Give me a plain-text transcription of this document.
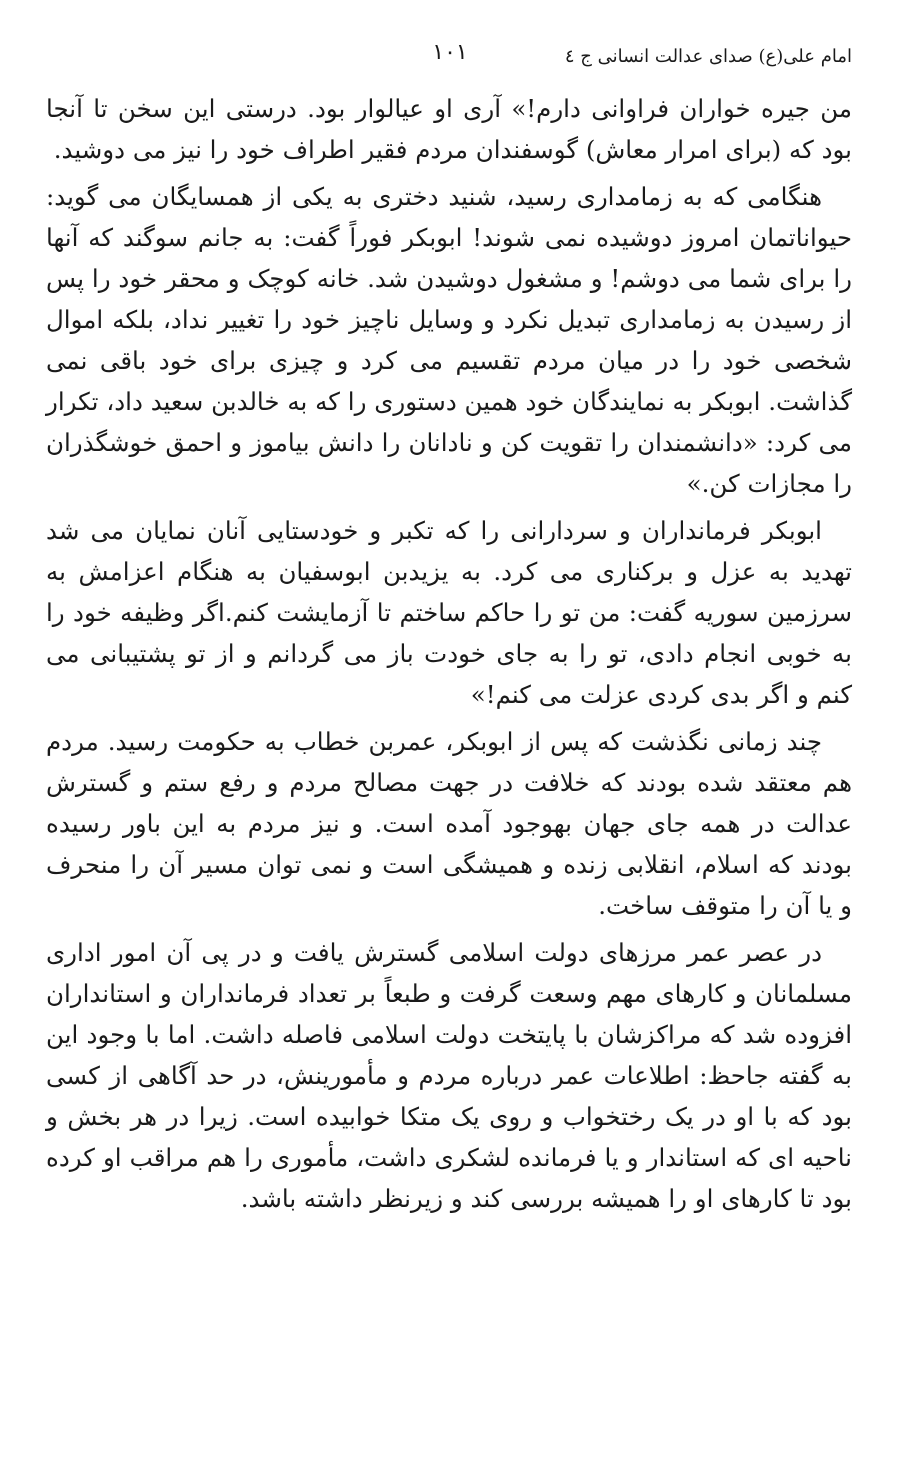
امام علی(ع) صدای عدالت انسانی ج ٤
١٠١

من جیره خواران فراوانی دارم!» آری او عیالوار بود. درستی این سخن تا آنجا بود که (برای امرار معاش) گوسفندان مردم فقیر اطراف خود را نیز می دوشید.

هنگامی که به زمامداری رسید، شنید دختری به یکی از همسایگان می گوید: حیواناتمان امروز دوشیده نمی شوند! ابوبکر فوراً گفت: به جانم سوگند که آنها را برای شما می دوشم! و مشغول دوشیدن شد. خانه کوچک و محقر خود را پس از رسیدن به زمامداری تبدیل نکرد و وسایل ناچیز خود را تغییر نداد، بلکه اموال شخصی خود را در میان مردم تقسیم می کرد و چیزی برای خود باقی نمی گذاشت. ابوبکر به نمایندگان خود همین دستوری را که به خالدبن سعید داد، تکرار می کرد: «دانشمندان را تقویت کن و نادانان را دانش بیاموز و احمق خوشگذران را مجازات کن.»

ابوبکر فرمانداران و سردارانی را که تکبر و خودستایی آنان نمایان می شد تهدید به عزل و برکناری می کرد. به یزیدبن ابوسفیان به هنگام اعزامش به سرزمین سوریه گفت: من تو را حاکم ساختم تا آزمایشت کنم.اگر وظیفه خود را به خوبی انجام دادی، تو را به جای خودت باز می گردانم و از تو پشتیبانی می کنم و اگر بدی کردی عزلت می کنم!»

چند زمانی نگذشت که پس از ابوبکر، عمربن خطاب به حکومت رسید. مردم هم معتقد شده بودند که خلافت در جهت مصالح مردم و رفع ستم و گسترش عدالت در همه جای جهان بهوجود آمده است. و نیز مردم به این باور رسیده بودند که اسلام، انقلابی زنده و همیشگی است و نمی توان مسیر آن را منحرف و یا آن را متوقف ساخت.

در عصر عمر مرزهای دولت اسلامی گسترش یافت و در پی آن امور اداری مسلمانان و کارهای مهم وسعت گرفت و طبعاً بر تعداد فرمانداران و استانداران افزوده شد که مراکزشان با پایتخت دولت اسلامی فاصله داشت. اما با وجود این به گفته جاحظ: اطلاعات عمر درباره مردم و مأمورینش، در حد آگاهی از کسی بود که با او در یک رختخواب و روی یک متکا خوابیده است. زیرا در هر بخش و ناحیه ای که استاندار و یا فرمانده لشکری داشت، مأموری را هم مراقب او کرده بود تا کارهای او را همیشه بررسی کند و زیرنظر داشته باشد.
